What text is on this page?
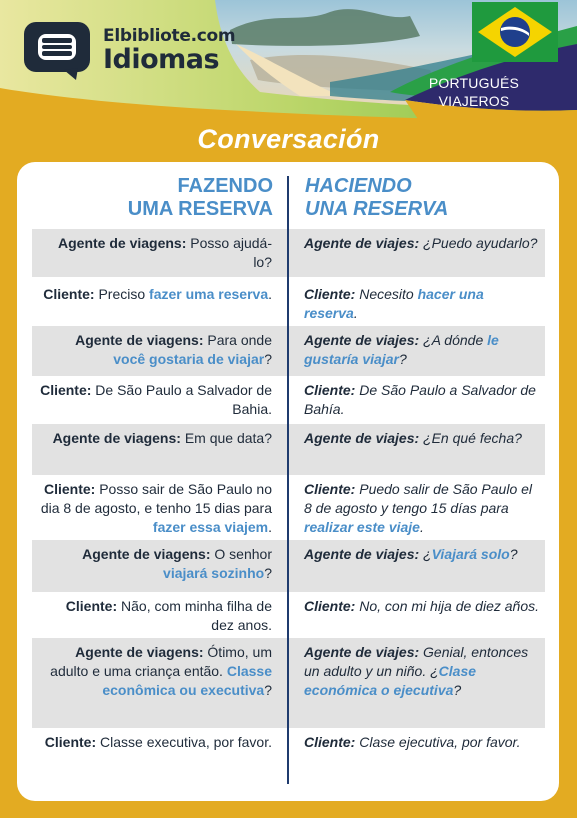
Elbibliote.com
Idiomas
PORTUGUÉS
VIAJEROS
Conversación
FAZENDO
UMA RESERVA
HACIENDO
UNA RESERVA
Agente de viagens: Posso ajudá-lo?
Agente de viajes: ¿Puedo ayudarlo?
Cliente: Preciso fazer uma reserva. Cliente: Necesito hacer una reserva.
Agente de viagens: Para onde você gostaria de viajar?
Agente de viajes: ¿A dónde le gustaría viajar?
Cliente: De São Paulo a Salvador de Bahia.
Cliente: De São Paulo a Salvador de Bahía.
Agente de viagens: Em que data? Agente de viajes: ¿En qué fecha?
Cliente: Posso sair de São Paulo no dia 8 de agosto, e tenho 15 dias para fazer essa viajem.
Cliente: Puedo salir de São Paulo el 8 de agosto y tengo 15 días para realizar este viaje.
Agente de viagens: O senhor viajará sozinho?
Agente de viajes: ¿Viajará solo?
Cliente: Não, com minha filha de dez anos.
Cliente: No, con mi hija de diez años.
Agente de viagens: Ótimo, um adulto e uma criança então. Classe econômica ou executiva?
Agente de viajes: Genial, entonces un adulto y un niño. ¿Clase económica o ejecutiva?
Cliente: Classe executiva, por favor. Cliente: Clase ejecutiva, por favor.
